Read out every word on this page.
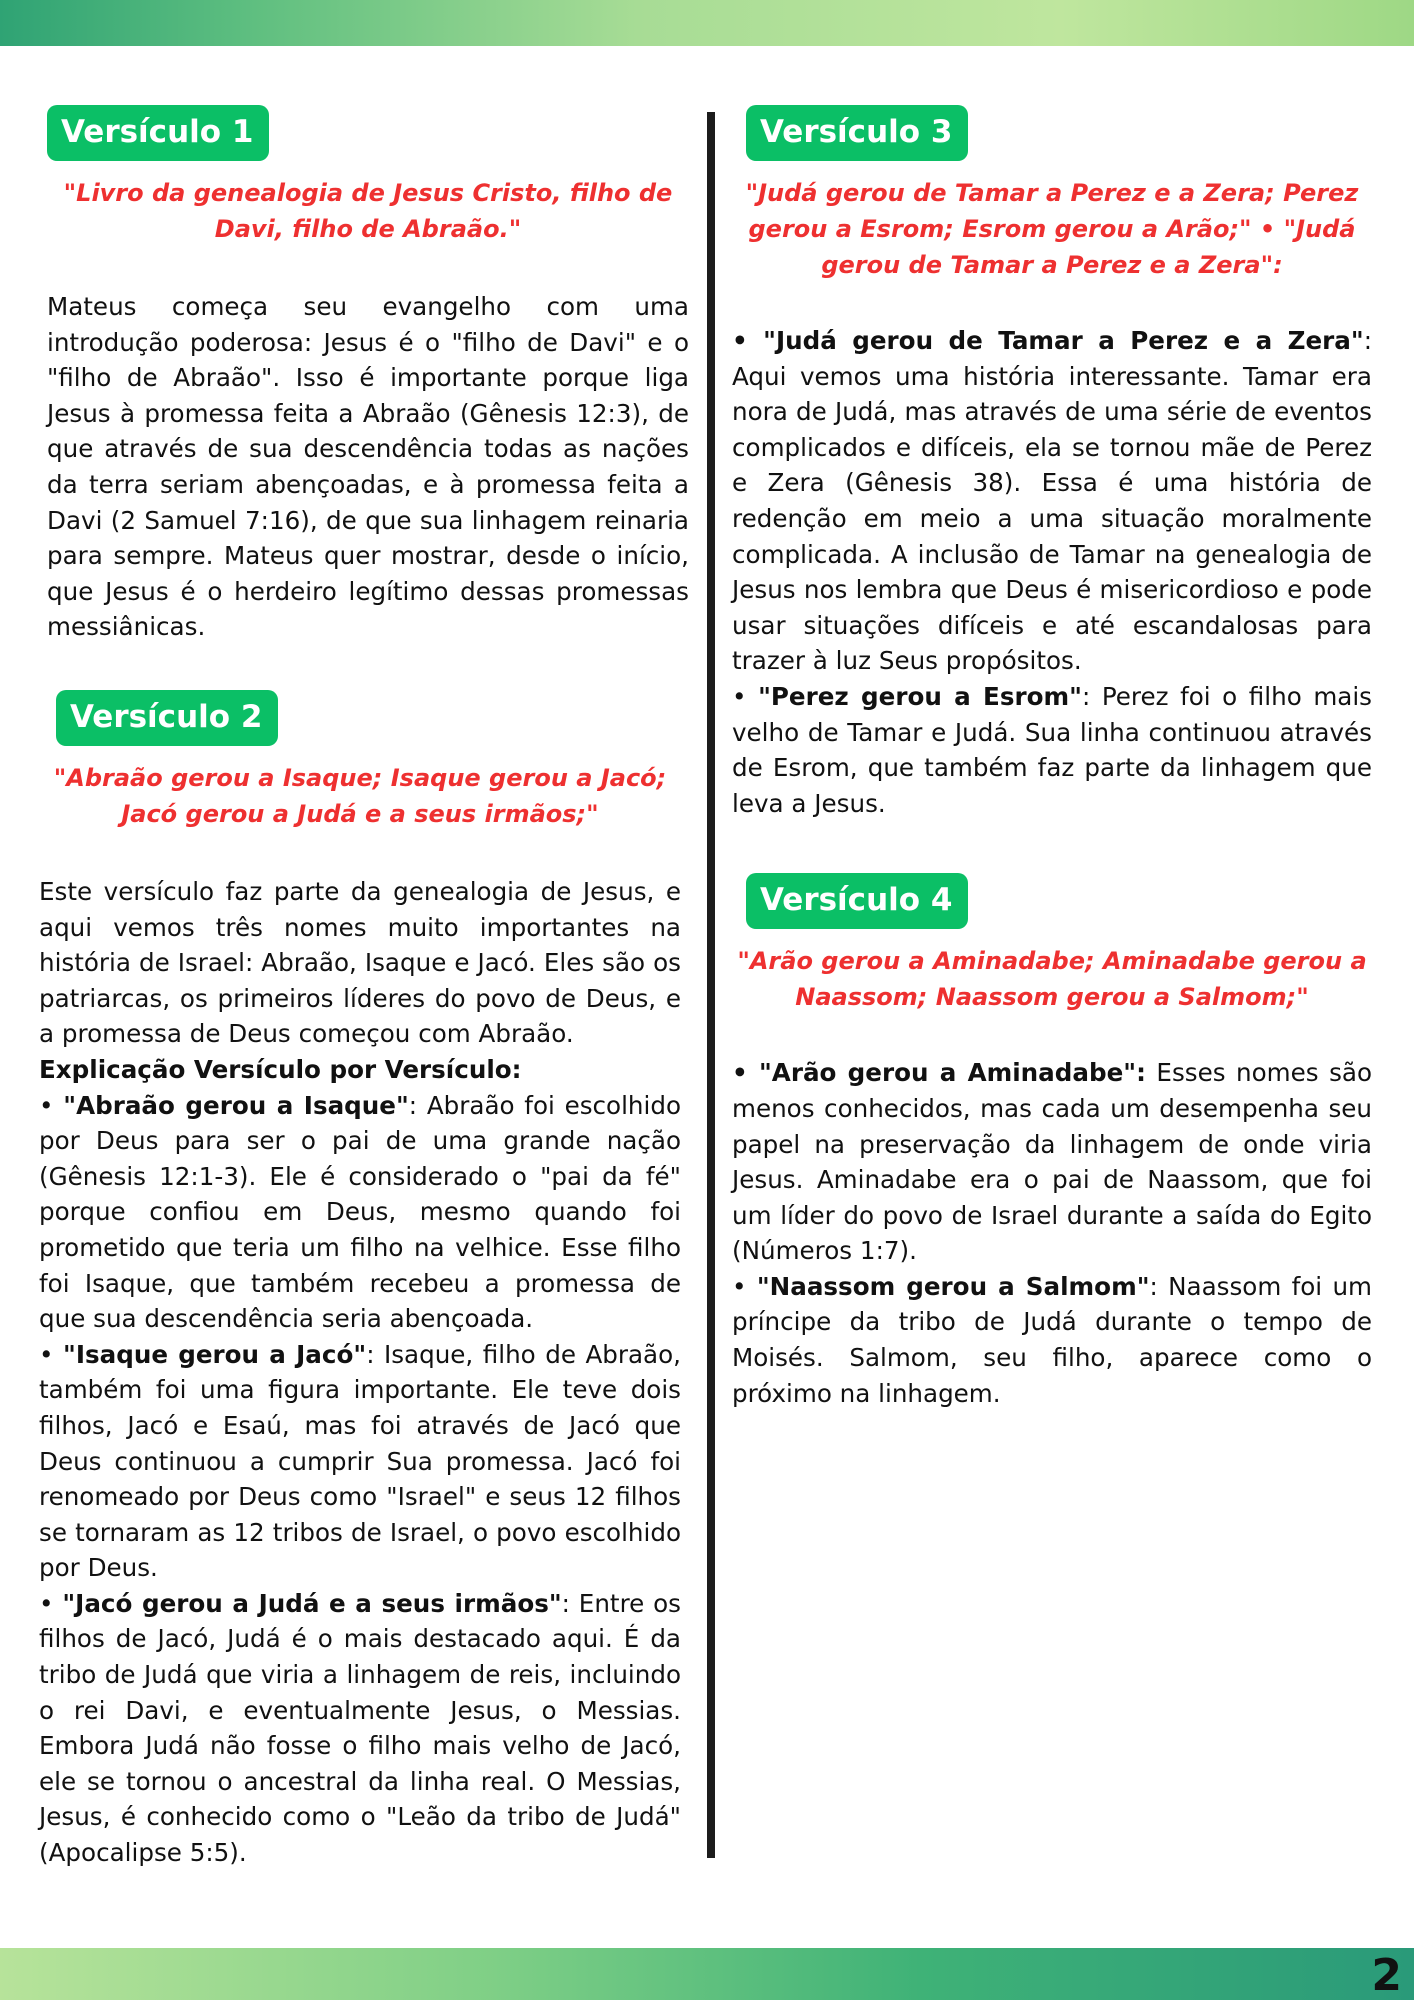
Versículo 1
"Livro da genealogia de Jesus Cristo, filho de Davi, filho de Abraão."

Mateus começa seu evangelho com uma introdução poderosa: Jesus é o "filho de Davi" e o "filho de Abraão". Isso é importante porque liga Jesus à promessa feita a Abraão (Gênesis 12:3), de que através de sua descendência todas as nações da terra seriam abençoadas, e à promessa feita a Davi (2 Samuel 7:16), de que sua linhagem reinaria para sempre. Mateus quer mostrar, desde o início, que Jesus é o herdeiro legítimo dessas promessas messiânicas.

Versículo 2
"Abraão gerou a Isaque; Isaque gerou a Jacó; Jacó gerou a Judá e a seus irmãos;"

Este versículo faz parte da genealogia de Jesus, e aqui vemos três nomes muito importantes na história de Israel: Abraão, Isaque e Jacó. Eles são os patriarcas, os primeiros líderes do povo de Deus, e a promessa de Deus começou com Abraão.

Explicação Versículo por Versículo:

• "Abraão gerou a Isaque": Abraão foi escolhido por Deus para ser o pai de uma grande nação (Gênesis 12:1-3). Ele é considerado o "pai da fé" porque confiou em Deus, mesmo quando foi prometido que teria um filho na velhice. Esse filho foi Isaque, que também recebeu a promessa de que sua descendência seria abençoada.

• "Isaque gerou a Jacó": Isaque, filho de Abraão, também foi uma figura importante. Ele teve dois filhos, Jacó e Esaú, mas foi através de Jacó que Deus continuou a cumprir Sua promessa. Jacó foi renomeado por Deus como "Israel" e seus 12 filhos se tornaram as 12 tribos de Israel, o povo escolhido por Deus.

• "Jacó gerou a Judá e a seus irmãos": Entre os filhos de Jacó, Judá é o mais destacado aqui. É da tribo de Judá que viria a linhagem de reis, incluindo o rei Davi, e eventualmente Jesus, o Messias. Embora Judá não fosse o filho mais velho de Jacó, ele se tornou o ancestral da linha real. O Messias, Jesus, é conhecido como o "Leão da tribo de Judá" (Apocalipse 5:5).

Versículo 3
"Judá gerou de Tamar a Perez e a Zera; Perez gerou a Esrom; Esrom gerou a Arão;" • "Judá gerou de Tamar a Perez e a Zera":

• "Judá gerou de Tamar a Perez e a Zera": Aqui vemos uma história interessante. Tamar era nora de Judá, mas através de uma série de eventos complicados e difíceis, ela se tornou mãe de Perez e Zera (Gênesis 38). Essa é uma história de redenção em meio a uma situação moralmente complicada. A inclusão de Tamar na genealogia de Jesus nos lembra que Deus é misericordioso e pode usar situações difíceis e até escandalosas para trazer à luz Seus propósitos.

• "Perez gerou a Esrom": Perez foi o filho mais velho de Tamar e Judá. Sua linha continuou através de Esrom, que também faz parte da linhagem que leva a Jesus.

Versículo 4
"Arão gerou a Aminadabe; Aminadabe gerou a Naassom; Naassom gerou a Salmom;"

• "Arão gerou a Aminadabe": Esses nomes são menos conhecidos, mas cada um desempenha seu papel na preservação da linhagem de onde viria Jesus. Aminadabe era o pai de Naassom, que foi um líder do povo de Israel durante a saída do Egito (Números 1:7).

• "Naassom gerou a Salmom": Naassom foi um príncipe da tribo de Judá durante o tempo de Moisés. Salmom, seu filho, aparece como o próximo na linhagem.

2
